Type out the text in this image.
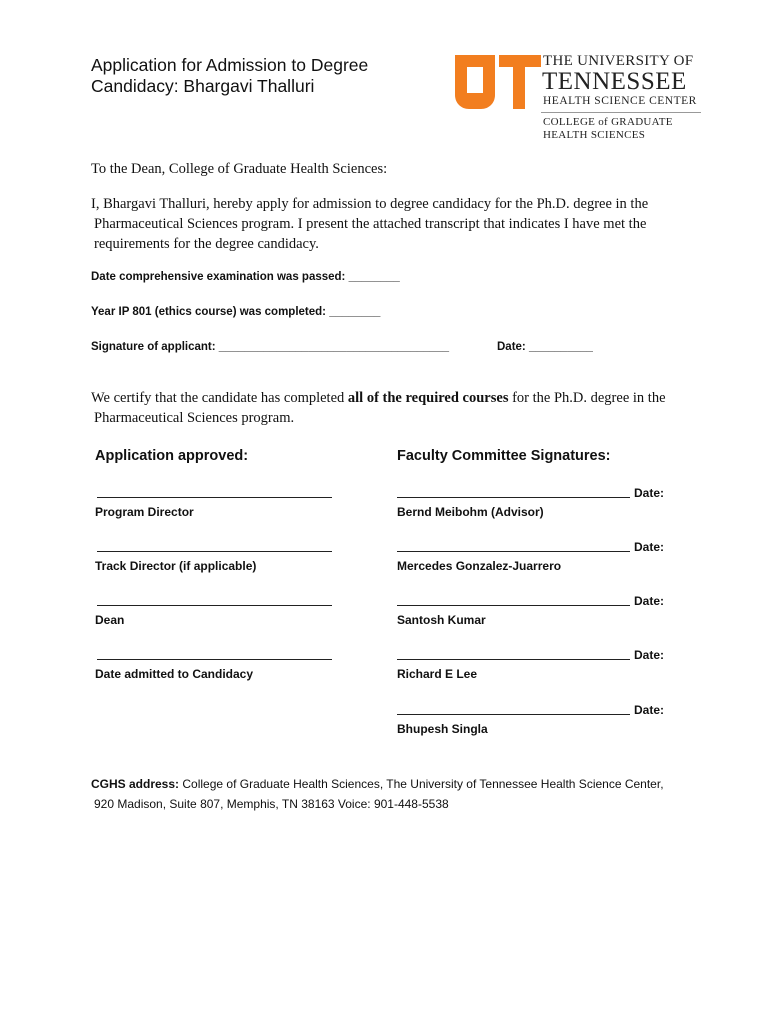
Application for Admission to Degree
Candidacy: Bhargavi Thalluri
THE UNIVERSITY OF
TENNESSEE
HEALTH SCIENCE CENTER
COLLEGE of GRADUATE
HEALTH SCIENCES
To the Dean, College of Graduate Health Sciences:
I, Bhargavi Thalluri, hereby apply for admission to degree candidacy for the Ph.D. degree in the
Pharmaceutical Sciences program. I present the attached transcript that indicates I have met the
requirements for the degree candidacy.
Date comprehensive examination was passed: ________
Year IP 801 (ethics course) was completed: ________
Signature of applicant: ____________________________________	Date: __________
We certify that the candidate has completed all of the required courses for the Ph.D. degree in the
Pharmaceutical Sciences program.
Application approved:	Faculty Committee Signatures:
Program Director
Track Director (if applicable)
Dean
Date admitted to Candidacy
Date:
Bernd Meibohm (Advisor)
Date:
Mercedes Gonzalez-Juarrero
Date:
Santosh Kumar
Date:
Richard E Lee
Date:
Bhupesh Singla
CGHS address: College of Graduate Health Sciences, The University of Tennessee Health Science Center,
920 Madison, Suite 807, Memphis, TN 38163 Voice: 901-448-5538
